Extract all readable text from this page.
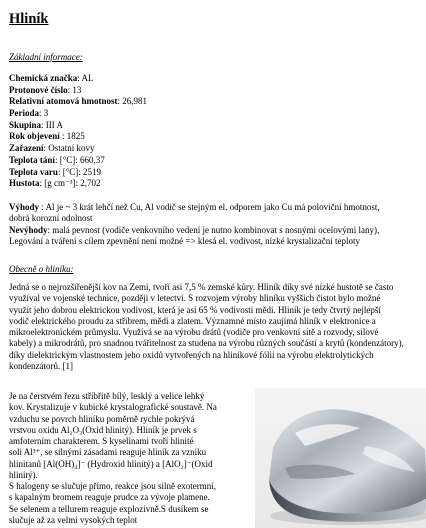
Hliník
Základní informace:
Chemická značka: AL
Protonové číslo: 13
Relativní atomová hmotnost: 26,981
Perioda: 3
Skupina: III A
Rok objevení : 1825
Zařazení: Ostatní kovy
Teplota tání: [°C]: 660,37
Teplota varu: [°C]: 2519
Hustota: [g cm⁻³]: 2,702

Výhody : Al je ~ 3 krát lehčí než Cu, Al vodič se stejným el. odporem jako Cu má poloviční hmotnost,

dobrá korozní odolnost

Nevýhody: malá pevnost (vodiče venkovního vedení je nutno kombinovat s nosnými ocelovými lany),

Legování a tváření s cílem zpevnění není možné => klesá el. vodivost, nízké krystalizační teploty

Obecně o hliníku:
Jedná se o nejrozšířenější kov na Zemi, tvoří asi 7,5 % zemské kůry. Hliník díky své nízké hustotě se často
využíval ve vojenské technice, později v letectví. S rozvojem výroby hliníku vyšších čistot bylo možné
využít jeho dobrou elektrickou vodivost, která je asi 65 % vodivosti mědi. Hliník je tedy čtvrtý nejlepší
vodič elektrického proudu za stříbrem, mědí a zlatem. Významné místo zaujímá hliník v elektronice a
mikroelektronickém průmyslu. Využívá se na výrobu drátů (vodiče pro venkovní sítě a rozvody, silové
kabely) a mikrodrátů, pro snadnou tvářitelnost za studena na výrobu různých součástí a krytů (kondenzátory),
díky dielektrickým vlastnostem jeho oxidů vytvořených na hliníkové fólii na výrobu elektrolytických
kondenzátorů. [1]
Je na čerstvém řezu stříbřitě bílý, lesklý a velice lehký
kov. Krystalizuje v kubické krystalografické soustavě. Na
vzduchu se povrch hliníku poměrně rychle pokrývá
vrstvou oxidu Al₂O₃(Oxid hlinitý). Hliník je prvek s
amfoterním charakterem. S kyselinami tvoří hlinité
soli Al³⁺, se silnými zásadami reaguje hliník za vzniku
hlinitanů [Al(OH)₄]⁻ (Hydroxid hlinitý) a [AlO₂]⁻(Oxid
hlinitý).
S halogeny se slučuje přímo, reakce jsou silně exotermní,
s kapalným bromem reaguje prudce za vývoje plamene.
Se selenem a tellurem reaguje explozivně.S dusíkem se
slučuje až za velmi vysokých teplot
